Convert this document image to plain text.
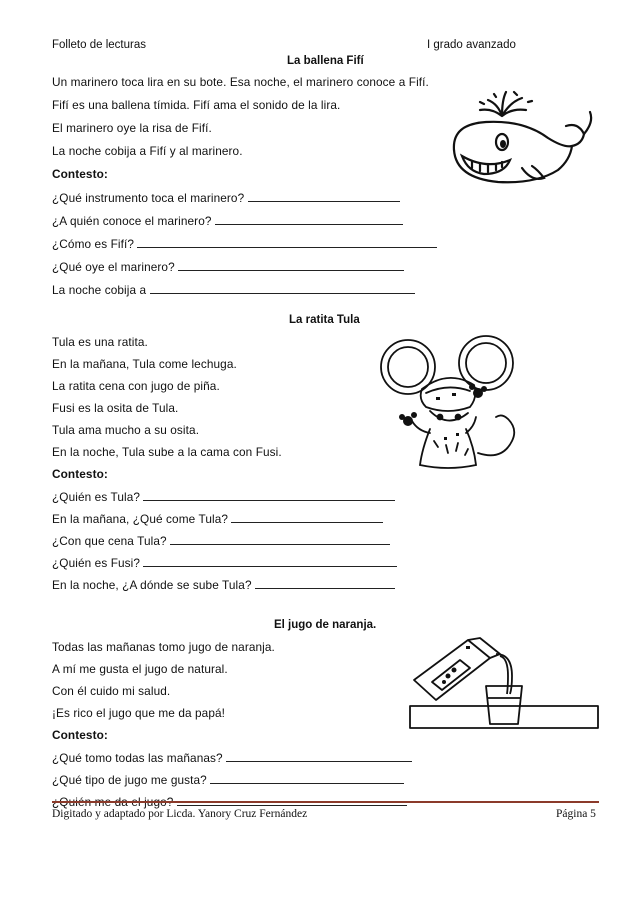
Folleto de lecturas	I grado avanzado
La ballena Fifí
Un marinero toca lira en su bote. Esa noche, el marinero conoce a Fifí.
Fifí es una ballena tímida. Fifí ama el sonido de la lira.
El marinero oye la risa de Fifí.
La noche cobija a Fifí y al marinero.
Contesto:
¿Qué instrumento toca el marinero?
¿A quién conoce el marinero?
¿Cómo es Fifí?
¿Qué oye el marinero?
La noche cobija a
La ratita Tula
Tula es una ratita.
En la mañana, Tula come lechuga.
La ratita cena con jugo de piña.
Fusi es la osita de Tula.
Tula ama mucho a su osita.
En la noche, Tula sube a la cama con Fusi.
Contesto:
¿Quién es Tula?
En la mañana, ¿Qué come Tula?
¿Con que cena Tula?
¿Quién es Fusi?
En la noche, ¿A dónde se sube Tula?
El jugo de naranja.
Todas las mañanas tomo jugo de naranja.
A mí me gusta el jugo de natural.
Con él cuido mi salud.
¡Es rico el jugo que me da papá!
Contesto:
¿Qué tomo todas las mañanas?
¿Qué tipo de jugo me gusta?
¿Quién me da el jugo?
Digitado y adaptado por Licda. Yanory Cruz Fernández	Página 5
